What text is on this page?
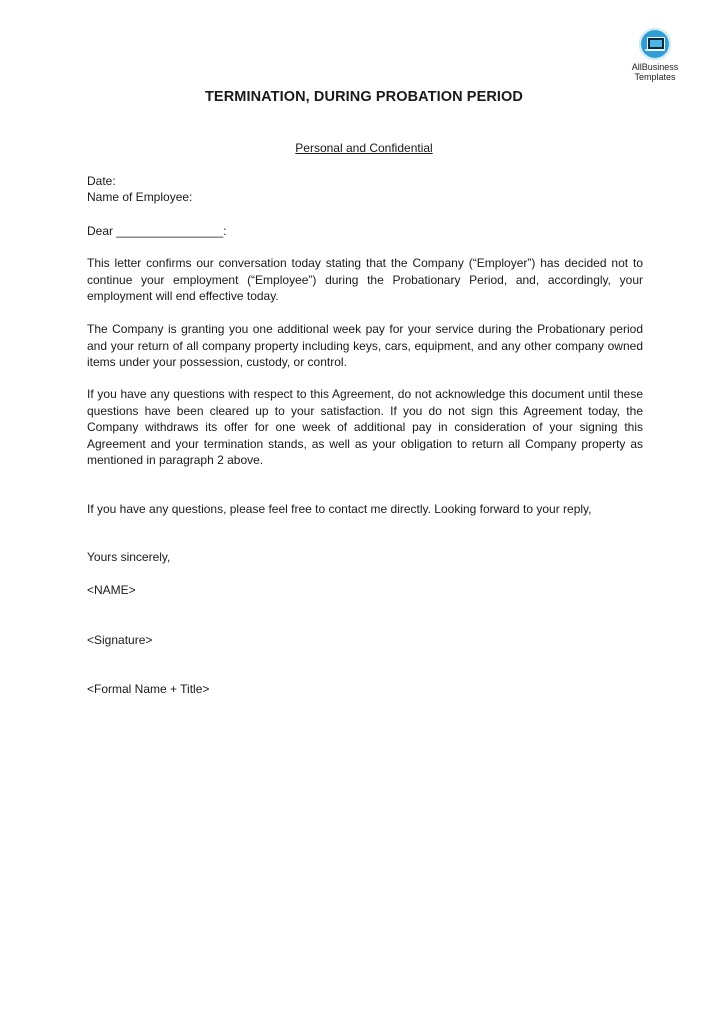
AllBusiness
Templates
TERMINATION, DURING PROBATION PERIOD
Personal and Confidential
Date:
Name of Employee:
Dear ________________:
This letter confirms our conversation today stating that the Company (“Employer”) has decided not to continue your employment (“Employee”) during the Probationary Period, and, accordingly, your employment will end effective today.
The Company is granting you one additional week pay for your service during the Probationary period and your return of all company property including keys, cars, equipment, and any other company owned items under your possession, custody, or control.
If you have any questions with respect to this Agreement, do not acknowledge this document until these questions have been cleared up to your satisfaction. If you do not sign this Agreement today, the Company withdraws its offer for one week of additional pay in consideration of your signing this Agreement and your termination stands, as well as your obligation to return all Company property as mentioned in paragraph 2 above.
If you have any questions, please feel free to contact me directly. Looking forward to your reply,
Yours sincerely,
<NAME>
<Signature>
<Formal Name + Title>
